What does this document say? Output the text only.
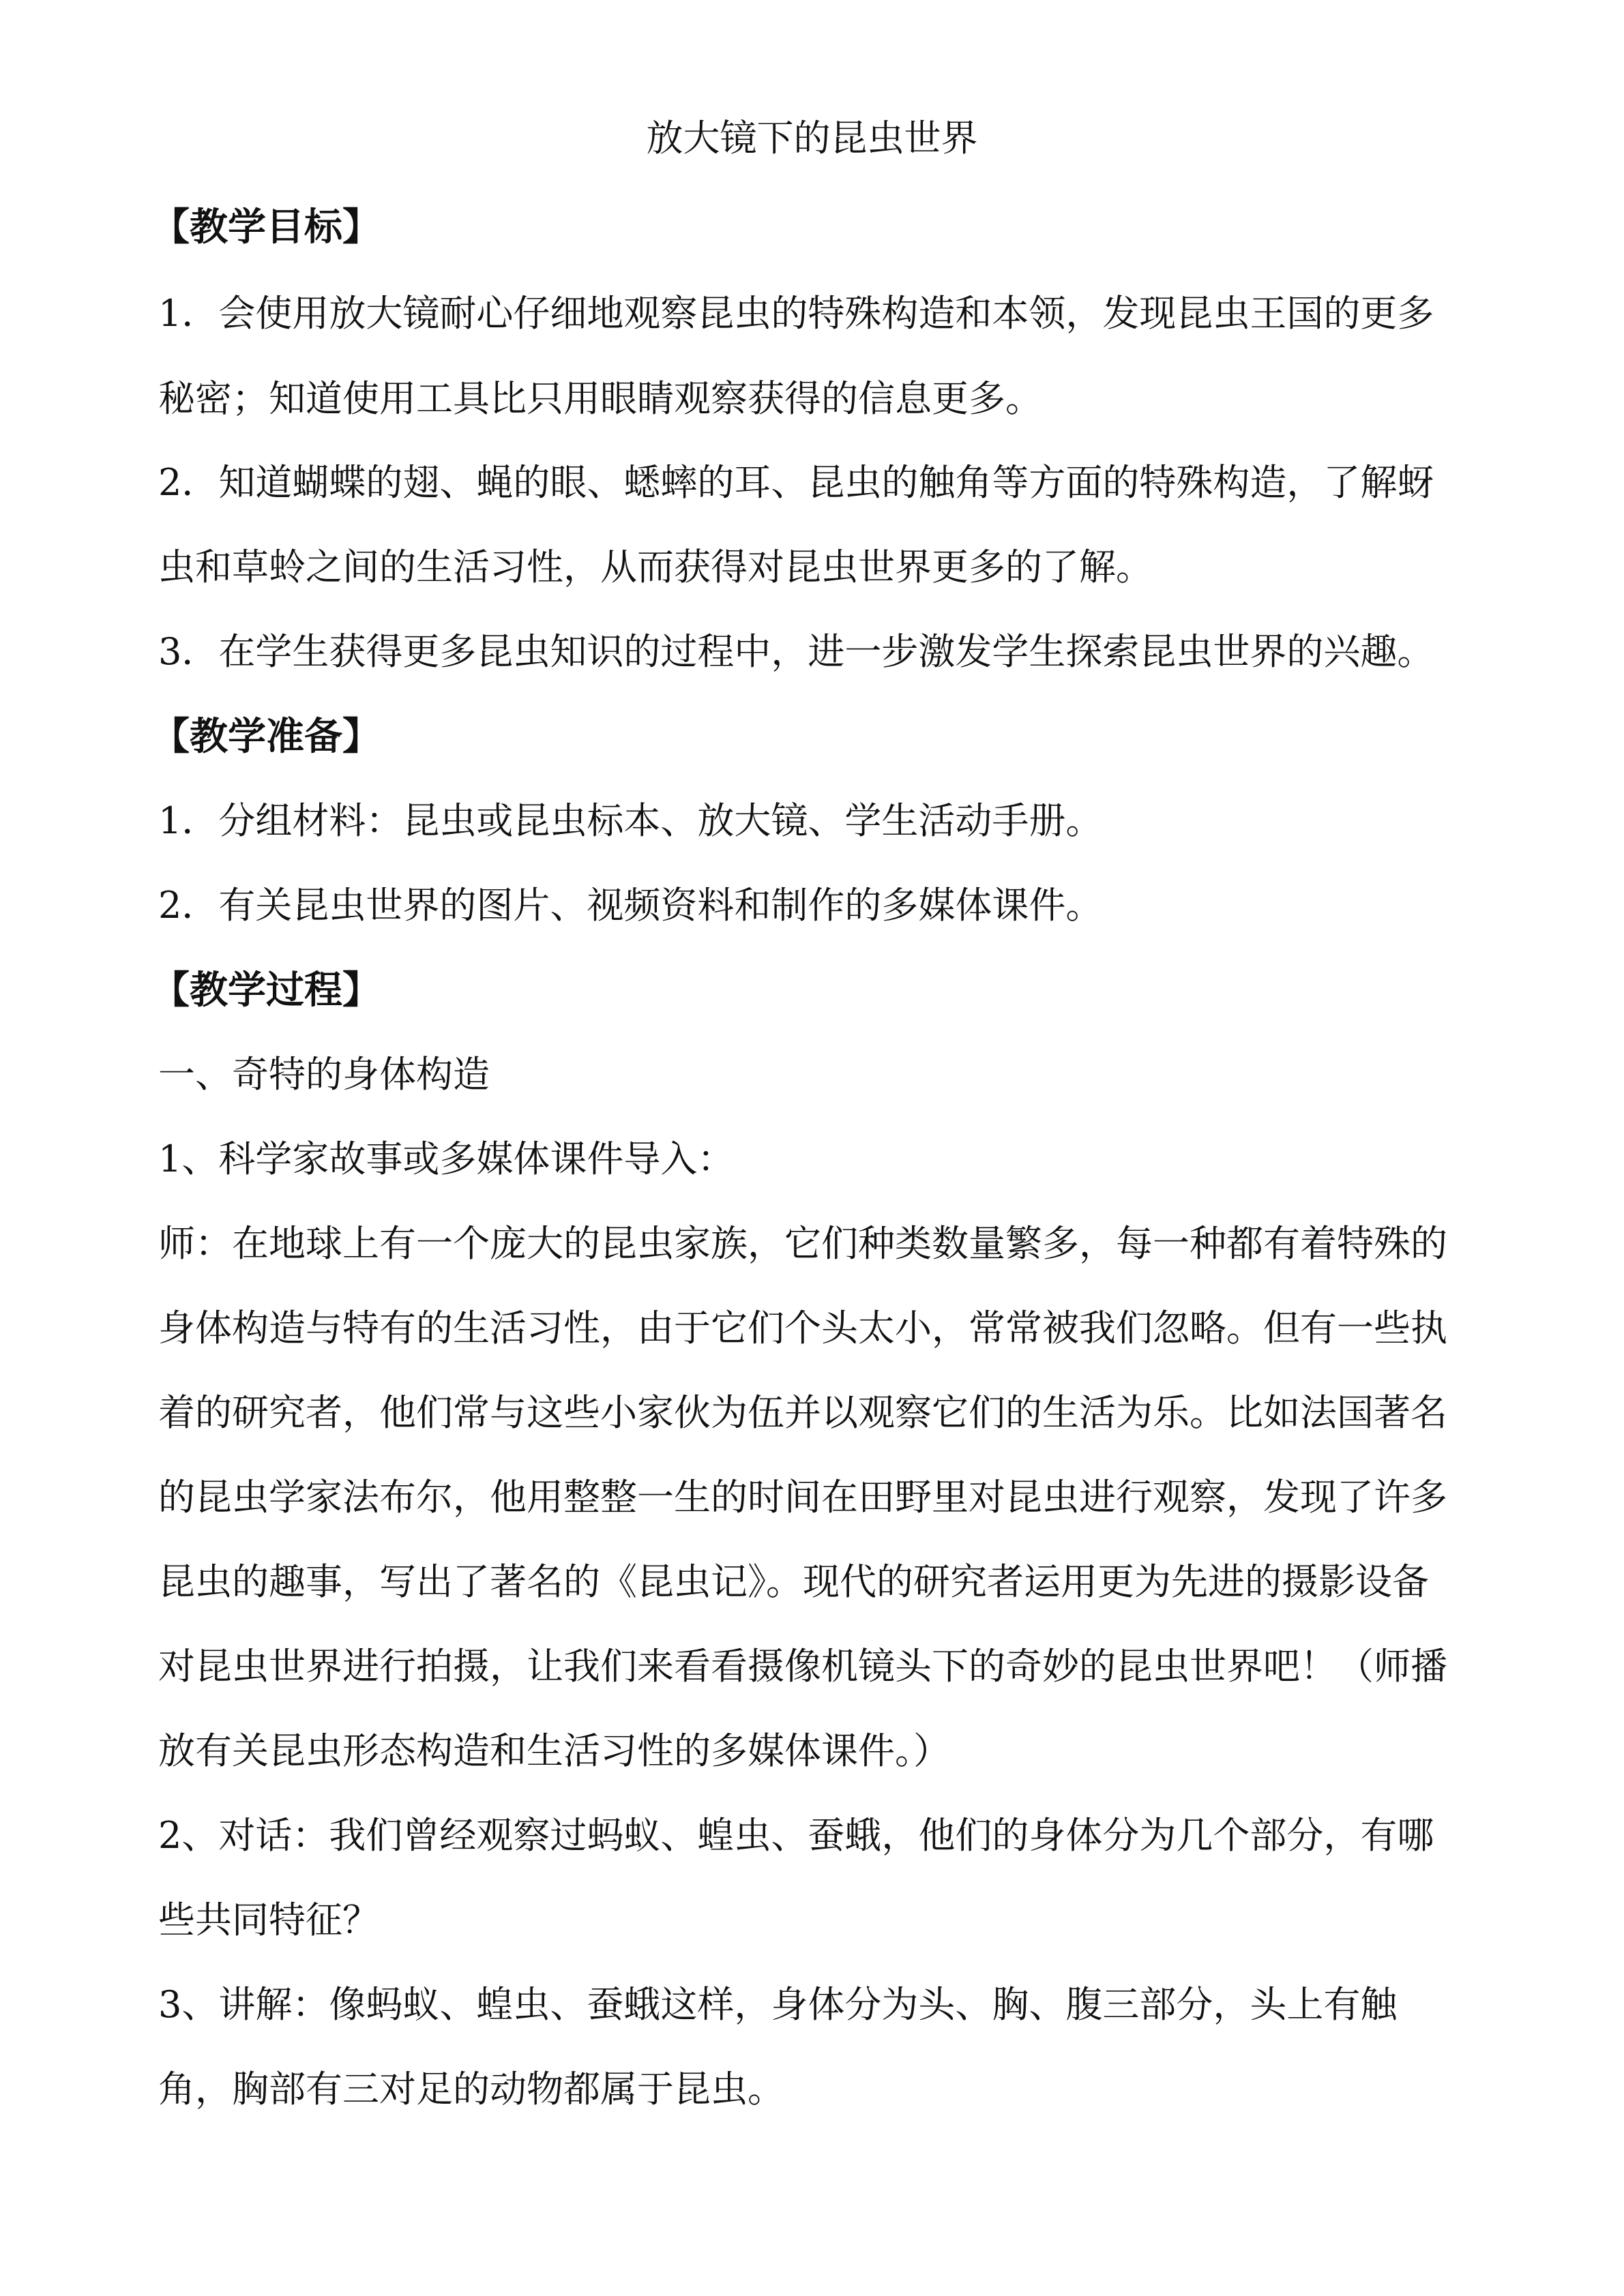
放大镜下的昆虫世界
【教学目标】
1．会使用放大镜耐心仔细地观察昆虫的特殊构造和本领，发现昆虫王国的更多
秘密；知道使用工具比只用眼睛观察获得的信息更多。
2．知道蝴蝶的翅、蝇的眼、蟋蟀的耳、昆虫的触角等方面的特殊构造，了解蚜
虫和草蛉之间的生活习性，从而获得对昆虫世界更多的了解。
3．在学生获得更多昆虫知识的过程中，进一步激发学生探索昆虫世界的兴趣。
【教学准备】
1．分组材料：昆虫或昆虫标本、放大镜、学生活动手册。
2．有关昆虫世界的图片、视频资料和制作的多媒体课件。
【教学过程】
一、奇特的身体构造
1、科学家故事或多媒体课件导入：
师：在地球上有一个庞大的昆虫家族，它们种类数量繁多，每一种都有着特殊的
身体构造与特有的生活习性，由于它们个头太小，常常被我们忽略。但有一些执
着的研究者，他们常与这些小家伙为伍并以观察它们的生活为乐。比如法国著名
的昆虫学家法布尔，他用整整一生的时间在田野里对昆虫进行观察，发现了许多
昆虫的趣事，写出了著名的《昆虫记》。现代的研究者运用更为先进的摄影设备
对昆虫世界进行拍摄，让我们来看看摄像机镜头下的奇妙的昆虫世界吧！（师播
放有关昆虫形态构造和生活习性的多媒体课件。）
2、对话：我们曾经观察过蚂蚁、蝗虫、蚕蛾，他们的身体分为几个部分，有哪
些共同特征？
3、讲解：像蚂蚁、蝗虫、蚕蛾这样，身体分为头、胸、腹三部分，头上有触
角，胸部有三对足的动物都属于昆虫。
